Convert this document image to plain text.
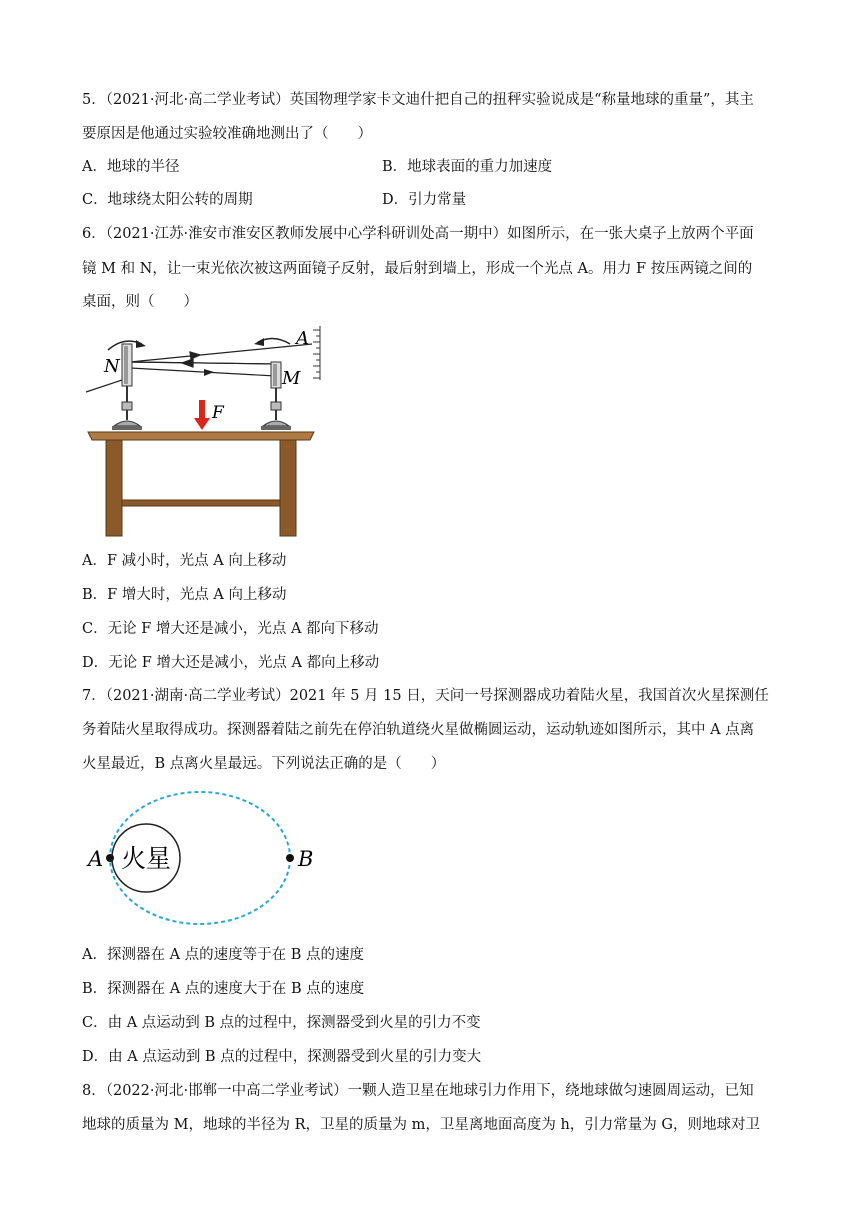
5．（2021·河北·高二学业考试）英国物理学家卡文迪什把自己的扭秤实验说成是“称量地球的重量”，其主
要原因是他通过实验较准确地测出了（　　）
A．地球的半径	B．地球表面的重力加速度
C．地球绕太阳公转的周期	D．引力常量
6．（2021·江苏·淮安市淮安区教师发展中心学科研训处高一期中）如图所示，在一张大桌子上放两个平面
镜 M 和 N，让一束光依次被这两面镜子反射，最后射到墙上，形成一个光点 A。用力 F 按压两镜之间的
桌面，则（　　）
N
M
A
F
A．F 减小时，光点 A 向上移动
B．F 增大时，光点 A 向上移动
C．无论 F 增大还是减小，光点 A 都向下移动
D．无论 F 增大还是减小，光点 A 都向上移动
7．（2021·湖南·高二学业考试）2021 年 5 月 15 日，天问一号探测器成功着陆火星，我国首次火星探测任
务着陆火星取得成功。探测器着陆之前先在停泊轨道绕火星做椭圆运动，运动轨迹如图所示，其中 A 点离
火星最近，B 点离火星最远。下列说法正确的是（　　）
火星
A	B
A．探测器在 A 点的速度等于在 B 点的速度
B．探测器在 A 点的速度大于在 B 点的速度
C．由 A 点运动到 B 点的过程中，探测器受到火星的引力不变
D．由 A 点运动到 B 点的过程中，探测器受到火星的引力变大
8．（2022·河北·邯郸一中高二学业考试）一颗人造卫星在地球引力作用下，绕地球做匀速圆周运动，已知
地球的质量为 M，地球的半径为 R，卫星的质量为 m，卫星离地面高度为 h，引力常量为 G，则地球对卫
